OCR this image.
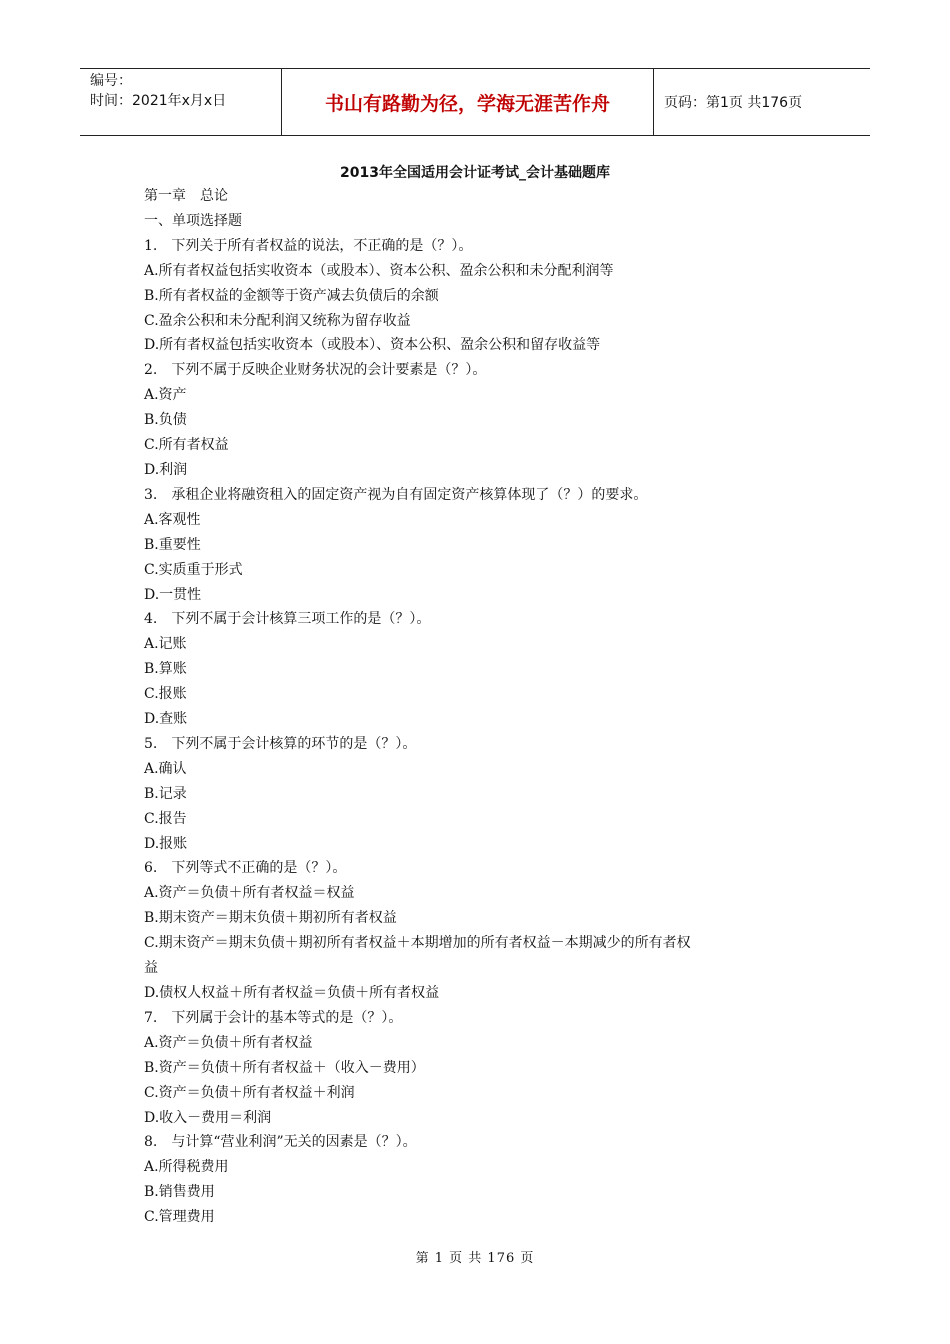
编号：
时间：2021年x月x日	书山有路勤为径，学海无涯苦作舟	页码：第1页 共176页
2013年全国适用会计证考试_会计基础题库
第一章　总论
一、单项选择题
1.　下列关于所有者权益的说法，不正确的是（？）。
A.所有者权益包括实收资本（或股本）、资本公积、盈余公积和未分配利润等
B.所有者权益的金额等于资产减去负债后的余额
C.盈余公积和未分配利润又统称为留存收益
D.所有者权益包括实收资本（或股本）、资本公积、盈余公积和留存收益等
2.　下列不属于反映企业财务状况的会计要素是（？）。
A.资产
B.负债
C.所有者权益
D.利润
3.　承租企业将融资租入的固定资产视为自有固定资产核算体现了（？）的要求。
A.客观性
B.重要性
C.实质重于形式
D.一贯性
4.　下列不属于会计核算三项工作的是（？）。
A.记账
B.算账
C.报账
D.查账
5.　下列不属于会计核算的环节的是（？）。
A.确认
B.记录
C.报告
D.报账
6.　下列等式不正确的是（？）。
A.资产＝负债＋所有者权益＝权益
B.期末资产＝期末负债＋期初所有者权益
C.期末资产＝期末负债＋期初所有者权益＋本期增加的所有者权益－本期减少的所有者权
益
D.债权人权益＋所有者权益＝负债＋所有者权益
7.　下列属于会计的基本等式的是（？）。
A.资产＝负债＋所有者权益
B.资产＝负债＋所有者权益＋（收入－费用）
C.资产＝负债＋所有者权益＋利润
D.收入－费用＝利润
8.　与计算“营业利润”无关的因素是（？）。
A.所得税费用
B.销售费用
C.管理费用
第 1 页 共 176 页
